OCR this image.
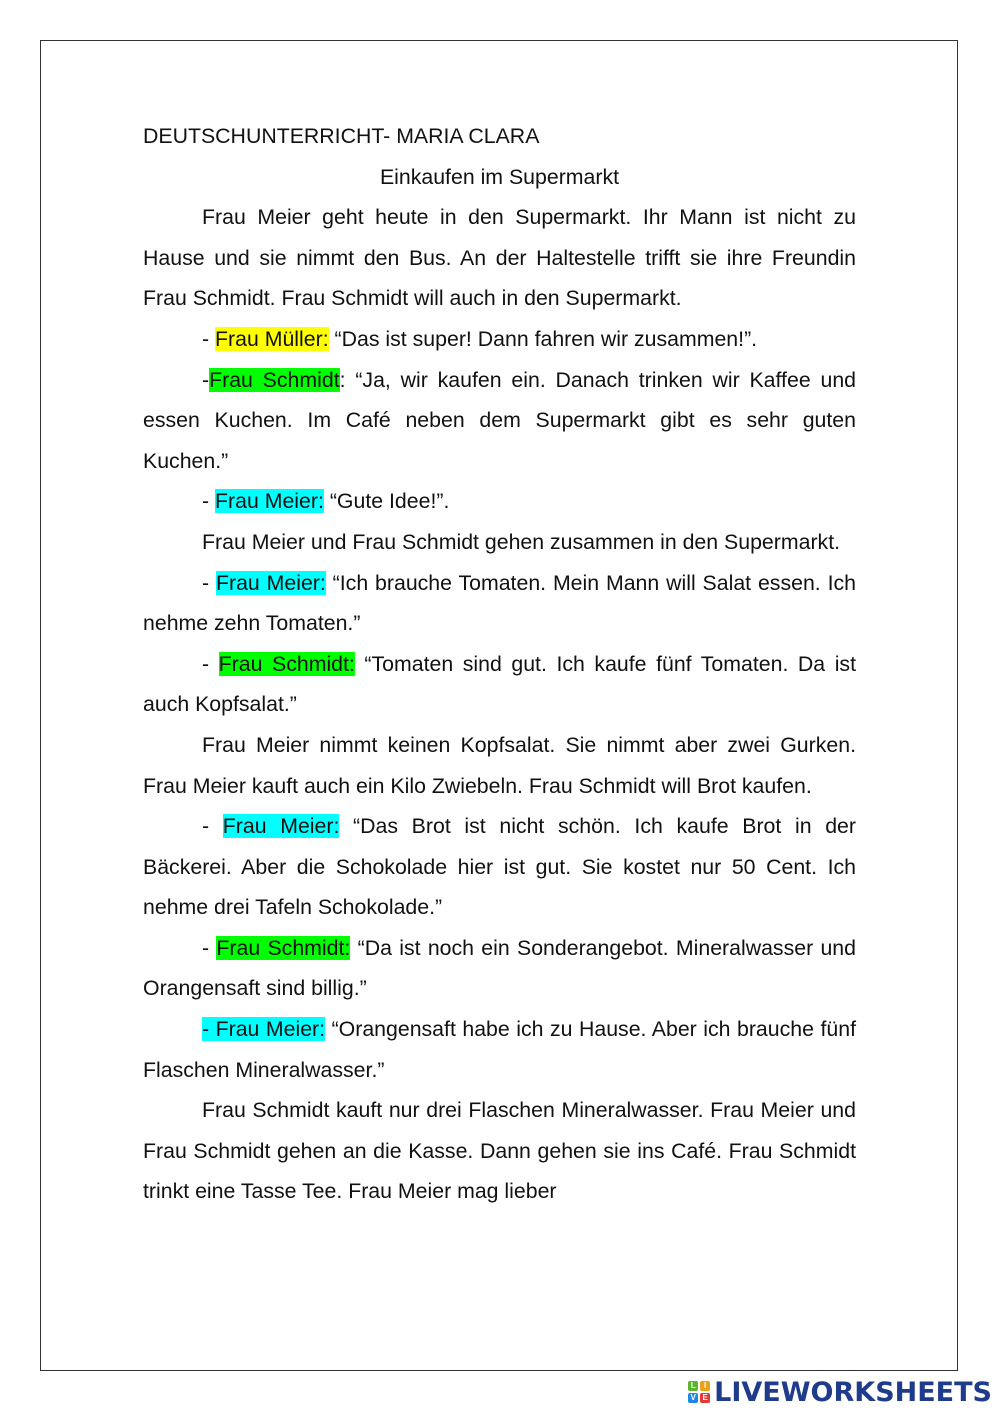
DEUTSCHUNTERRICHT- MARIA CLARA

Einkaufen im Supermarkt

Frau Meier geht heute in den Supermarkt. Ihr Mann ist nicht zu Hause und sie nimmt den Bus. An der Haltestelle trifft sie ihre Freundin Frau Schmidt. Frau Schmidt will auch in den Supermarkt.

- Frau Müller: “Das ist super! Dann fahren wir zusammen!”.

-Frau Schmidt: “Ja, wir kaufen ein. Danach trinken wir Kaffee und essen Kuchen. Im Café neben dem Supermarkt gibt es sehr guten Kuchen.”

- Frau Meier: “Gute Idee!”.

Frau Meier und Frau Schmidt gehen zusammen in den Supermarkt.

- Frau Meier: “Ich brauche Tomaten. Mein Mann will Salat essen. Ich nehme zehn Tomaten.”

- Frau Schmidt: “Tomaten sind gut. Ich kaufe fünf Tomaten. Da ist auch Kopfsalat.”

Frau Meier nimmt keinen Kopfsalat. Sie nimmt aber zwei Gurken. Frau Meier kauft auch ein Kilo Zwiebeln. Frau Schmidt will Brot kaufen.

- Frau Meier: “Das Brot ist nicht schön. Ich kaufe Brot in der Bäckerei. Aber die Schokolade hier ist gut. Sie kostet nur 50 Cent. Ich nehme drei Tafeln Schokolade.”

- Frau Schmidt: “Da ist noch ein Sonderangebot. Mineralwasser und Orangensaft sind billig.”

- Frau Meier: “Orangensaft habe ich zu Hause. Aber ich brauche fünf Flaschen Mineralwasser.”

Frau Schmidt kauft nur drei Flaschen Mineralwasser. Frau Meier und Frau Schmidt gehen an die Kasse. Dann gehen sie ins Café. Frau Schmidt trinkt eine Tasse Tee. Frau Meier mag lieber

L	I
V E LIVEWORKSHEETS
